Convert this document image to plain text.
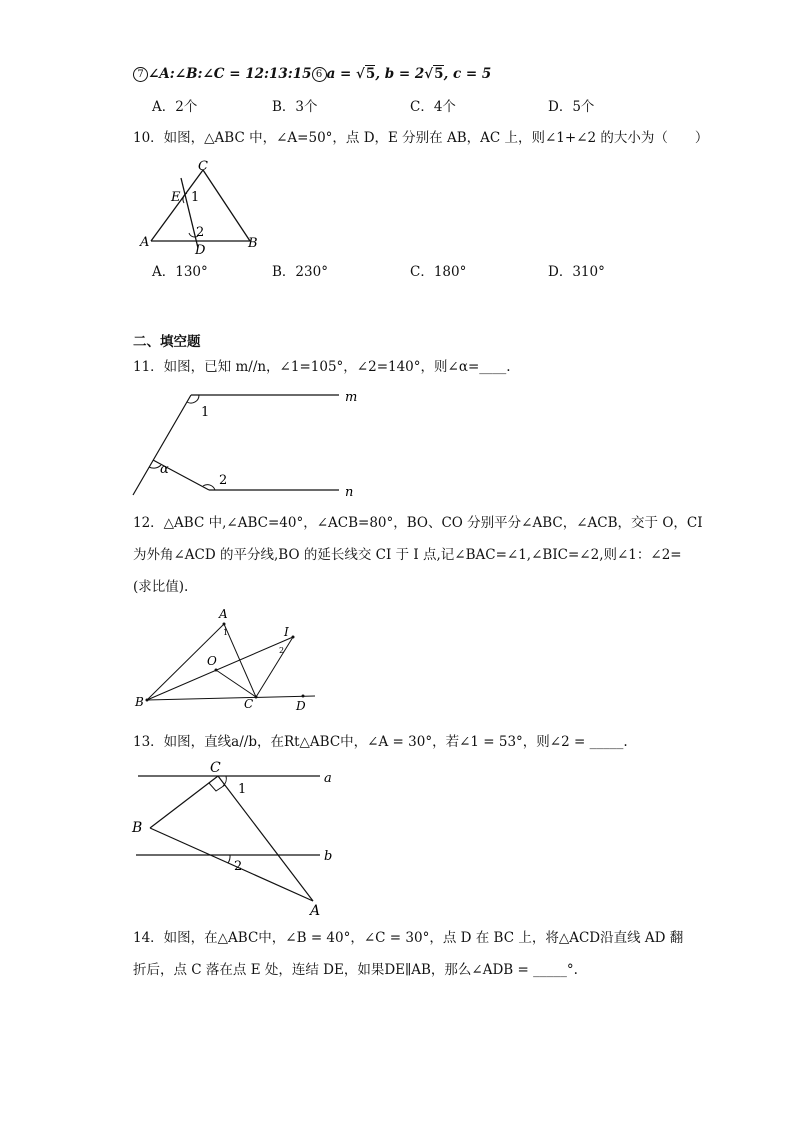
7 ∠A:∠B:∠C = 12:13:15 6 a = √5, b = 2√5, c = 5
A．2个	B．3个	C．4个	D．5个
10．如图，△ABC 中，∠A=50°，点 D，E 分别在 AB，AC 上，则∠1+∠2 的大小为（　　）
C
E 1
2
A
D	B
A．130°	B．230°	C．180°	D．310°
二、填空题
11．如图，已知 m//n，∠1=105°，∠2=140°，则∠α=____.
1
m
α
2
n
12．△ABC 中,∠ABC=40°，∠ACB=80°，BO、CO 分别平分∠ABC，∠ACB，交于 O，CI
为外角∠ACD 的平分线,BO 的延长线交 CI 于 I 点,记∠BAC=∠1,∠BIC=∠2,则∠1：∠2=
(求比值).
A
I
1
2
O
B	C	D
13．如图，直线a//b，在Rt△ABC中，∠A = 30°，若∠1 = 53°，则∠2 = _____.
C
a
1
B
b
2
A
14．如图，在△ABC中，∠B = 40°，∠C = 30°，点 D 在 BC 上，将△ACD沿直线 AD 翻
折后，点 C 落在点 E 处，连结 DE，如果DE∥AB，那么∠ADB = _____°.
